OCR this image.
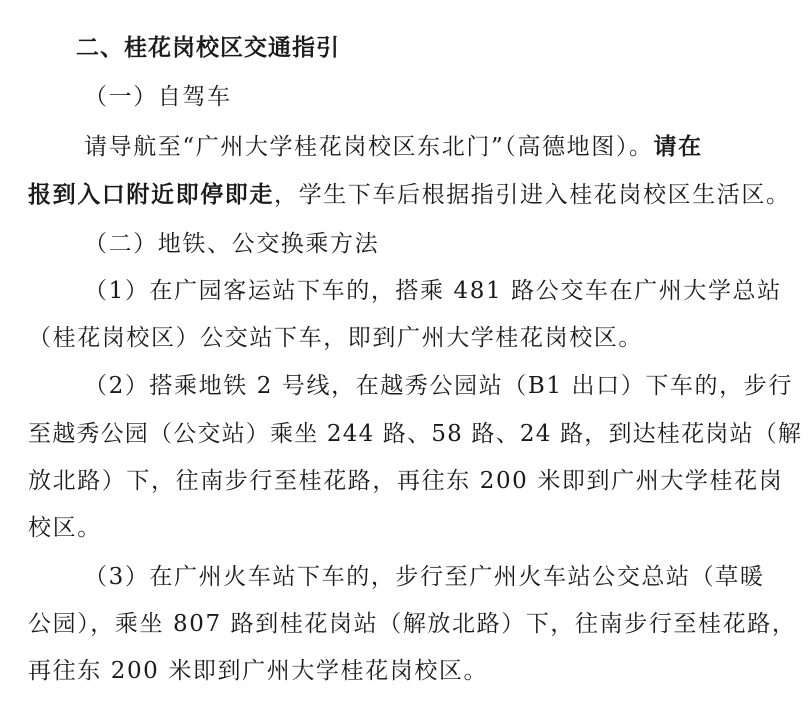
二、桂花岗校区交通指引
（一）自驾车
请导航至“广州大学桂花岗校区东北门”（高德地图）。请在
报到入口附近即停即走，学生下车后根据指引进入桂花岗校区生活区。
（二）地铁、公交换乘方法
（1）在广园客运站下车的，搭乘 481 路公交车在广州大学总站
（桂花岗校区）公交站下车，即到广州大学桂花岗校区。
（2）搭乘地铁 2 号线，在越秀公园站（B1 出口）下车的，步行
至越秀公园（公交站）乘坐 244 路、58 路、24 路，到达桂花岗站（解
放北路）下，往南步行至桂花路，再往东 200 米即到广州大学桂花岗
校区。
（3）在广州火车站下车的，步行至广州火车站公交总站（草暖
公园），乘坐 807 路到桂花岗站（解放北路）下，往南步行至桂花路，
再往东 200 米即到广州大学桂花岗校区。
